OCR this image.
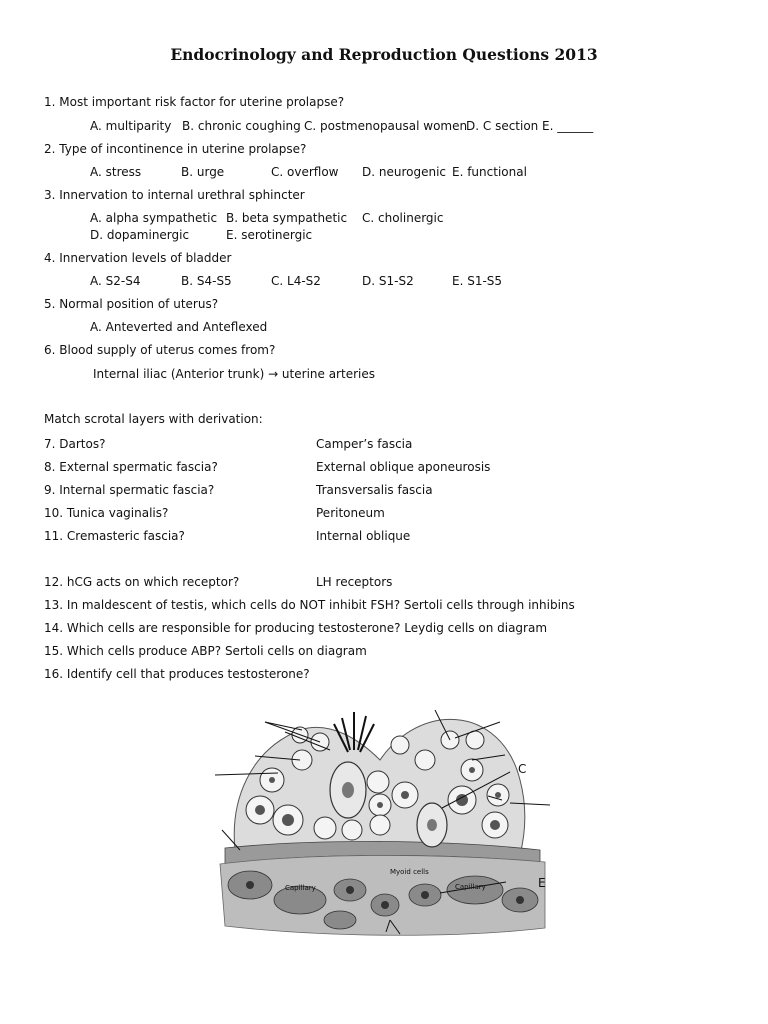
Endocrinology and Reproduction Questions 2013
1. Most important risk factor for uterine prolapse?
A. multiparity B. chronic coughing C. postmenopausal women
D. C section E. ______
2. Type of incontinence in uterine prolapse?
A. stress	B. urge	C. overflow D. neurogenic E. functional
3. Innervation to internal urethral sphincter
A. alpha sympathetic B. beta sympathetic C. cholinergic
D. dopaminergic	E. serotinergic
4. Innervation levels of bladder
A. S2-S4	B. S4-S5	C. L4-S2	D. S1-S2	E. S1-S5
5. Normal position of uterus?
A. Anteverted and Anteflexed
6. Blood supply of uterus comes from?
Internal iliac (Anterior trunk) → uterine arteries
Match scrotal layers with derivation:
7. Dartos?	Camper’s fascia
8. External spermatic fascia?	External oblique aponeurosis
9. Internal spermatic fascia?	Transversalis fascia
10. Tunica vaginalis?	Peritoneum
11. Cremasteric fascia?	Internal oblique
12. hCG acts on which receptor?	LH receptors
13. In maldescent of testis, which cells do NOT inhibit FSH? Sertoli cells through inhibins
14. Which cells are responsible for producing testosterone? Leydig cells on diagram
15. Which cells produce ABP? Sertoli cells on diagram
16. Identify cell that produces testosterone?
Capillary	Capillary
Myoid cells
C
E
